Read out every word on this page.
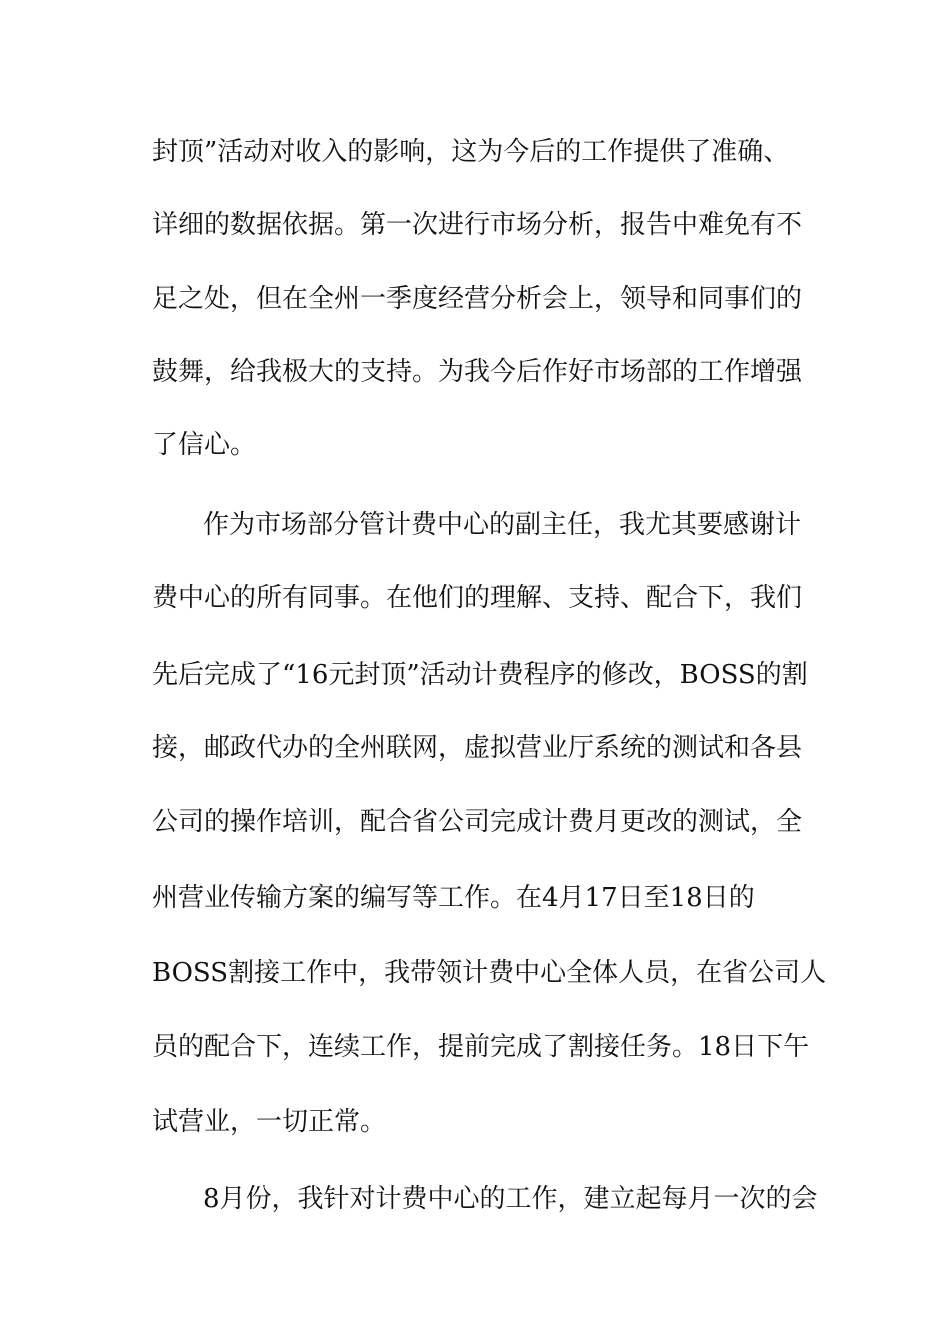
封顶”活动对收入的影响，这为今后的工作提供了准确、
详细的数据依据。第一次进行市场分析，报告中难免有不
足之处，但在全州一季度经营分析会上，领导和同事们的
鼓舞，给我极大的支持。为我今后作好市场部的工作增强
了信心。
作为市场部分管计费中心的副主任，我尤其要感谢计
费中心的所有同事。在他们的理解、支持、配合下，我们
先后完成了“16元封顶”活动计费程序的修改，BOSS的割
接，邮政代办的全州联网，虚拟营业厅系统的测试和各县
公司的操作培训，配合省公司完成计费月更改的测试，全
州营业传输方案的编写等工作。在4月17日至18日的
BOSS割接工作中，我带领计费中心全体人员，在省公司人
员的配合下，连续工作，提前完成了割接任务。18日下午
试营业，一切正常。
8月份，我针对计费中心的工作，建立起每月一次的会
